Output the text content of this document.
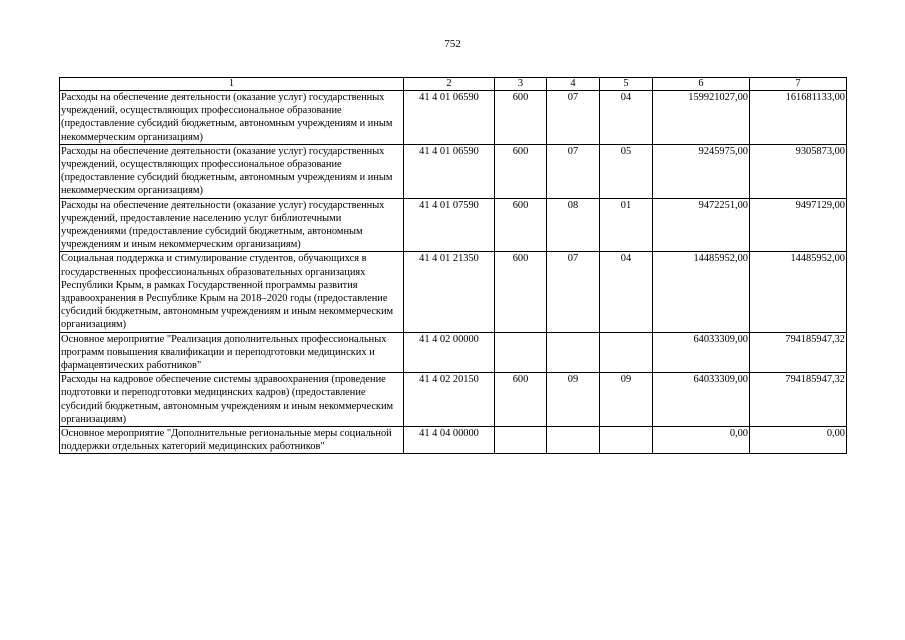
752
1	2	3	4	5	6	7
Расходы на обеспечение деятельности (оказание услуг) государственных учреждений, осуществляющих профессиональное образование (предоставление субсидий бюджетным, автономным учреждениям и иным некоммерческим организациям)	41 4 01 06590	600	07	04	159921027,00	161681133,00
Расходы на обеспечение деятельности (оказание услуг) государственных учреждений, осуществляющих профессиональное образование (предоставление субсидий бюджетным, автономным учреждениям и иным некоммерческим организациям)	41 4 01 06590	600	07	05	9245975,00	9305873,00
Расходы на обеспечение деятельности (оказание услуг) государственных учреждений, предоставление населению услуг библиотечными учреждениями (предоставление субсидий бюджетным, автономным учреждениям и иным некоммерческим организациям)	41 4 01 07590	600	08	01	9472251,00	9497129,00
Социальная поддержка и стимулирование студентов, обучающихся в государственных профессиональных образовательных организациях Республики Крым, в рамках Государственной программы развития здравоохранения в Республике Крым на 2018–2020 годы (предоставление субсидий бюджетным, автономным учреждениям и иным некоммерческим организациям)	41 4 01 21350	600	07	04	14485952,00	14485952,00
Основное мероприятие "Реализация дополнительных профессиональных программ повышения квалификации и переподготовки медицинских и фармацевтических работников"	41 4 02 00000				64033309,00	794185947,32
Расходы на кадровое обеспечение системы здравоохранения (проведение подготовки и переподготовки медицинских кадров) (предоставление субсидий бюджетным, автономным учреждениям и иным некоммерческим организациям)	41 4 02 20150	600	09	09	64033309,00	794185947,32
Основное мероприятие "Дополнительные региональные меры социальной поддержки отдельных категорий медицинских работников"	41 4 04 00000				0,00	0,00
